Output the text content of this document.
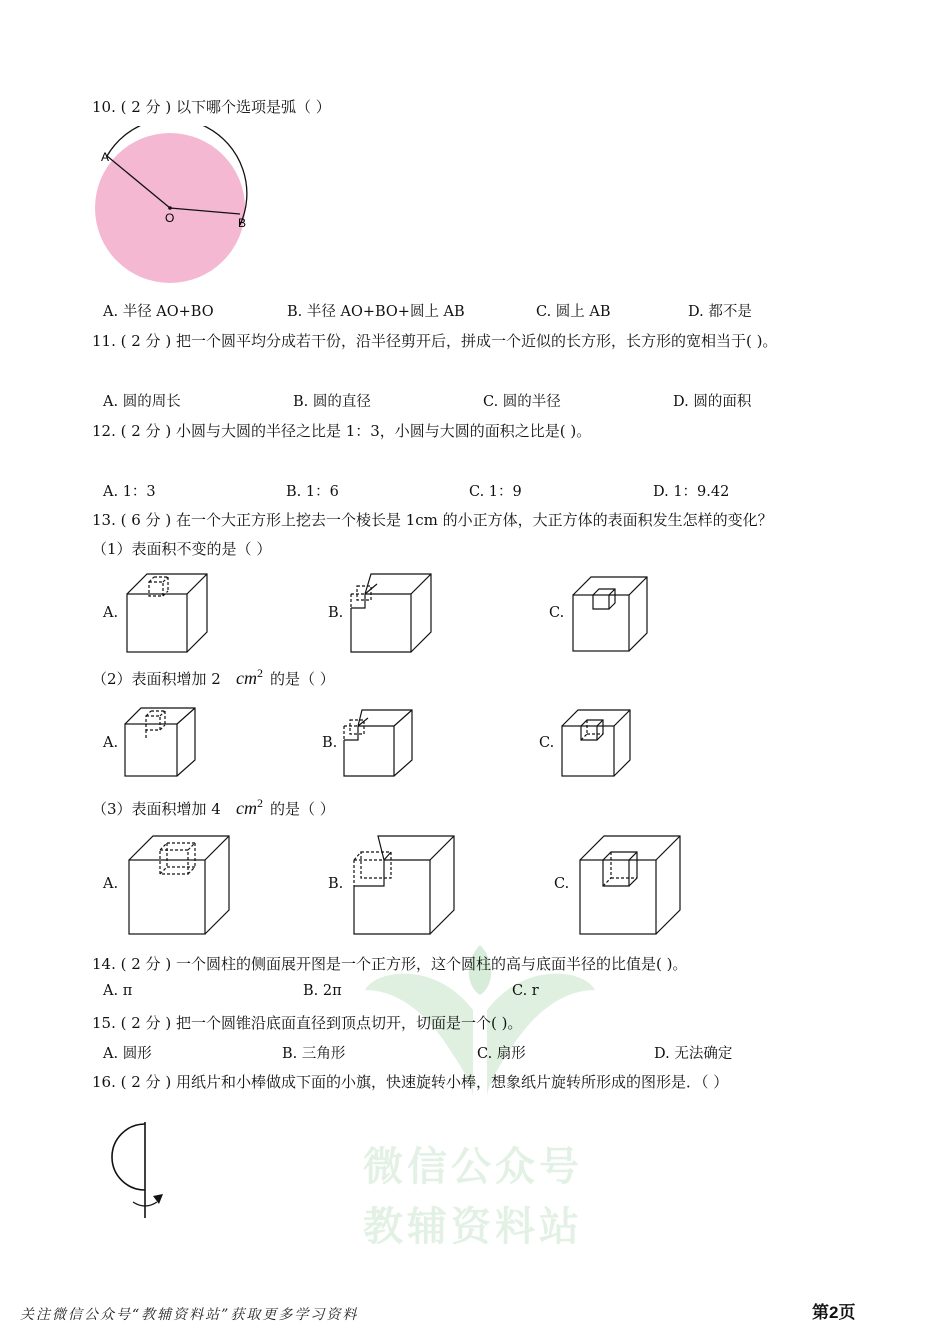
微信公众号
教辅资料站
10. ( 2 分 ) 以下哪个选项是弧（ ）
A
O	B
A. 半径 AO+BO	B. 半径 AO+BO+圆上 AB	C. 圆上 AB	D. 都不是
11. ( 2 分 ) 把一个圆平均分成若干份，沿半径剪开后，拼成一个近似的长方形，长方形的宽相当于( )。
A. 圆的周长	B. 圆的直径	C. 圆的半径	D. 圆的面积
12. ( 2 分 ) 小圆与大圆的半径之比是 1：3，小圆与大圆的面积之比是( )。
A. 1：3	B. 1：6	C. 1：9	D. 1：9.42
13. ( 6 分 ) 在一个大正方形上挖去一个棱长是 1cm 的小正方体，大正方体的表面积发生怎样的变化？
（1）表面积不变的是（ ）
A.	B.	C.
（2）表面积增加 2 $cm^2$ 的是（ ）
A.	B.	C.
（3）表面积增加 4 $cm^2$ 的是（ ）
A.	B.	C.
14. ( 2 分 ) 一个圆柱的侧面展开图是一个正方形，这个圆柱的高与底面半径的比值是( )。
A. π	B. 2π	C. r
15. ( 2 分 ) 把一个圆锥沿底面直径到顶点切开，切面是一个( )。
A. 圆形	B. 三角形	C. 扇形	D. 无法确定
16. ( 2 分 ) 用纸片和小棒做成下面的小旗，快速旋转小棒，想象纸片旋转所形成的图形是．（ ）
关注微信公众号“教辅资料站”获取更多学习资料	第2页
